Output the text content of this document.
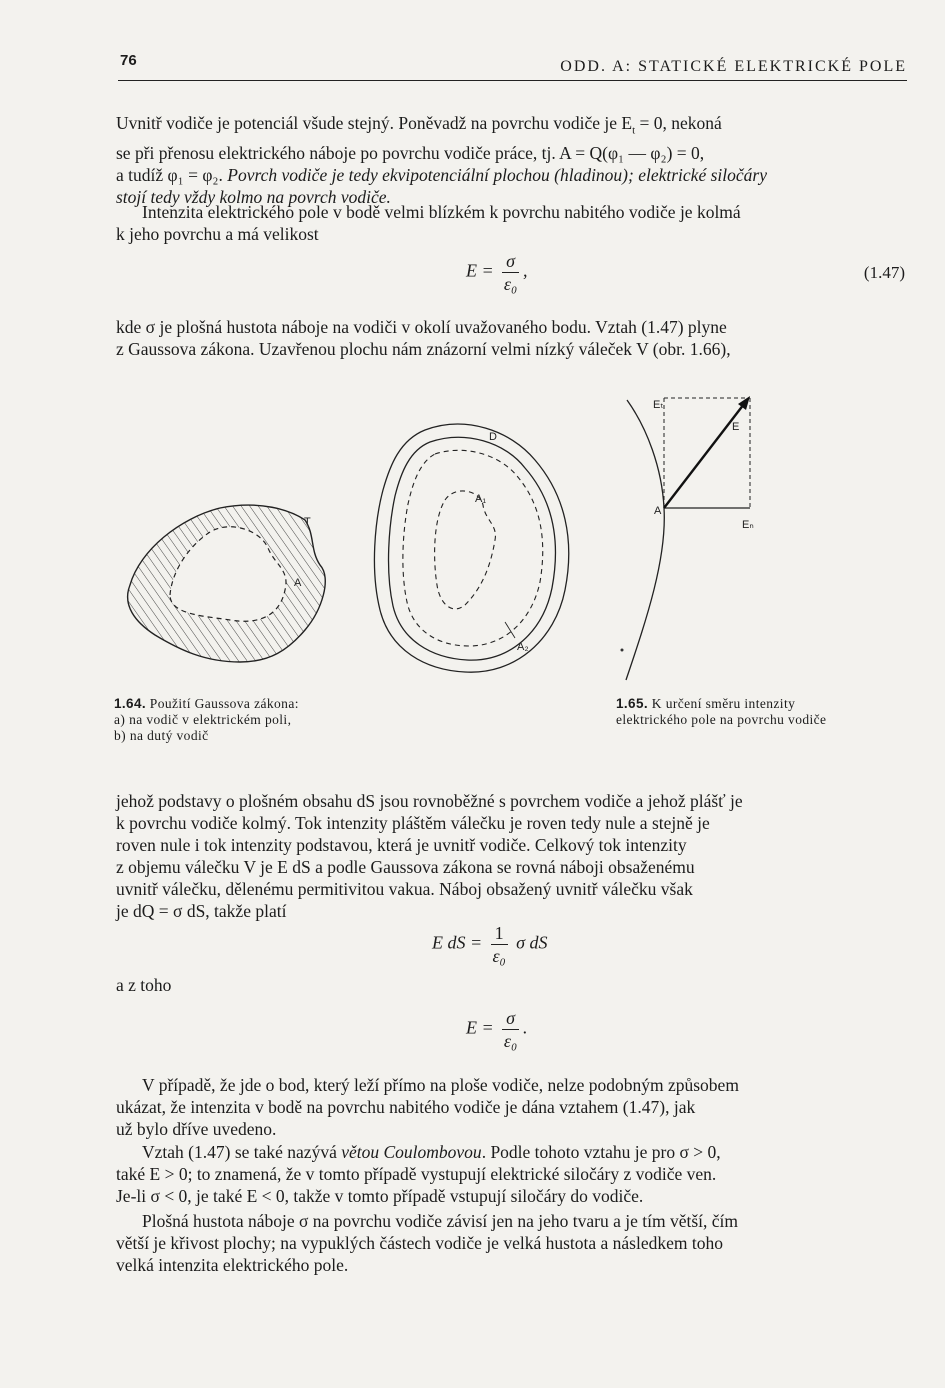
76	ODD. A: STATICKÉ ELEKTRICKÉ POLE

Uvnitř vodiče je potenciál všude stejný. Poněvadž na povrchu vodiče je $E_t = 0$, nekoná

se při přenosu elektrického náboje po povrchu vodiče práce, tj. A = Q(φ₁ — φ₂) = 0,

a tudíž φ₁ = φ₂. Povrch vodiče je tedy ekvipotenciální plochou (hladinou); elektrické siločáry

stojí tedy vždy kolmo na povrch vodiče.

Intenzita elektrického pole v bodě velmi blízkém k povrchu nabitého vodiče je kolmá

k jeho povrchu a má velikost

$E = \frac{\sigma}{\text{ε₀}}$ ,	(1.47)

kde σ je plošná hustota náboje na vodiči v okolí uvažovaného bodu. Vztah (1.47) plyne

z Gaussova zákona. Uzavřenou plochu nám znázorní velmi nízký váleček V (obr. 1.66),

T
A
D
A₁
A₂
Eₜ
E
A
Eₙ
1.64. Použití Gaussova zákona:
a) na vodič v elektrickém poli,
b) na dutý vodič
1.65. K určení směru intenzity
elektrického pole na povrchu vodiče

jehož podstavy o plošném obsahu dS jsou rovnoběžné s povrchem vodiče a jehož plášť je

k povrchu vodiče kolmý. Tok intenzity pláštěm válečku je roven tedy nule a stejně je

roven nule i tok intenzity podstavou, která je uvnitř vodiče. Celkový tok intenzity

z objemu válečku V je E dS a podle Gaussova zákona se rovná náboji obsaženému

uvnitř válečku, dělenému permitivitou vakua. Náboj obsažený uvnitř válečku však

je dQ = σ dS, takže platí

E dS = $\frac{1}{\text{ε₀}}$ σ dS

a z toho

$E = \frac{\sigma}{\text{ε₀}}$ .

V případě, že jde o bod, který leží přímo na ploše vodiče, nelze podobným způsobem

ukázat, že intenzita v bodě na povrchu nabitého vodiče je dána vztahem (1.47), jak

už bylo dříve uvedeno.

Vztah (1.47) se také nazývá větou Coulombovou. Podle tohoto vztahu je pro σ > 0,

také E > 0; to znamená, že v tomto případě vystupují elektrické siločáry z vodiče ven.

Je-li σ < 0, je také E < 0, takže v tomto případě vstupují siločáry do vodiče.

Plošná hustota náboje σ na povrchu vodiče závisí jen na jeho tvaru a je tím větší, čím

větší je křivost plochy; na vypuklých částech vodiče je velká hustota a následkem toho

velká intenzita elektrického pole.
